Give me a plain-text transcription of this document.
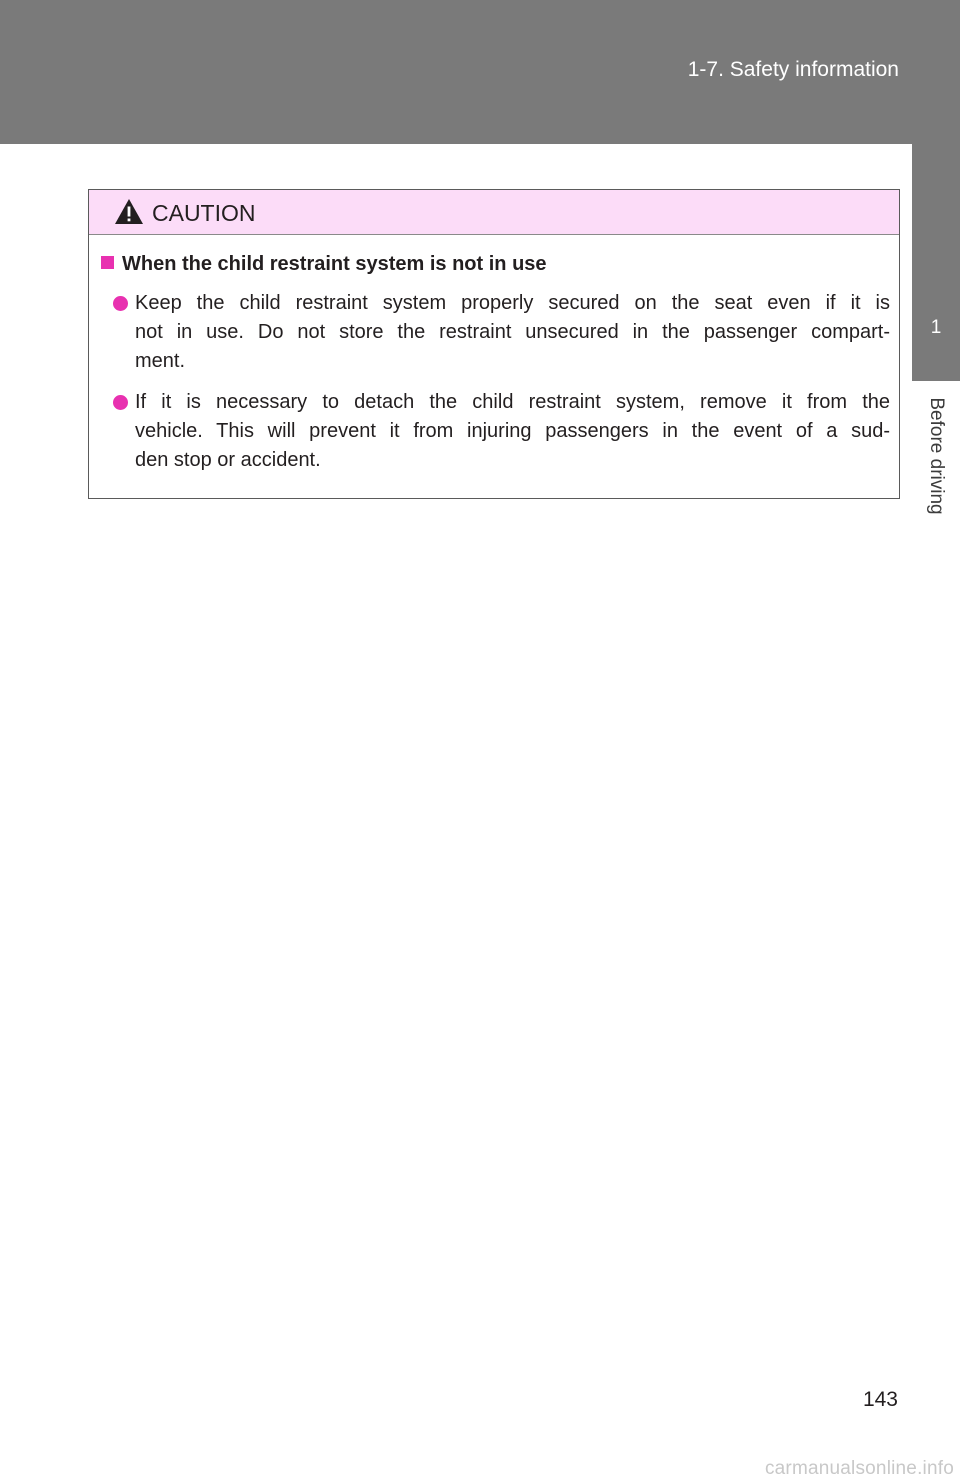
1-7. Safety information
1
Before driving
CAUTION
When the child restraint system is not in use
Keep the child restraint system properly secured on the seat even if it is
not in use. Do not store the restraint unsecured in the passenger compart-
ment.
If it is necessary to detach the child restraint system, remove it from the
vehicle. This will prevent it from injuring passengers in the event of a sud-
den stop or accident.
143
carmanualsonline.info
